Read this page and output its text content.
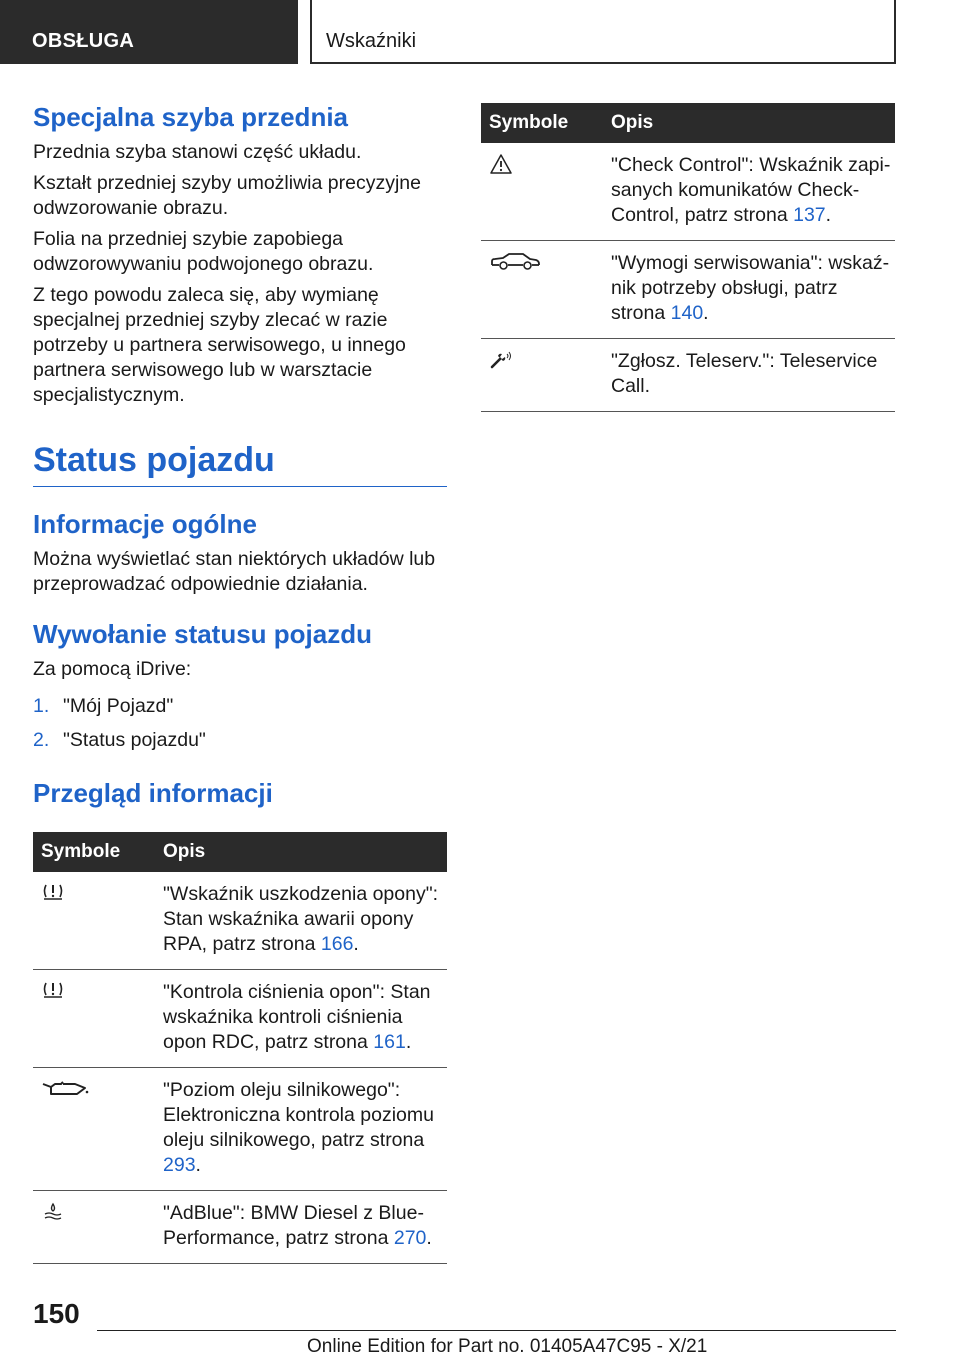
OBSŁUGA	Wskaźniki
Specjalna szyba przednia

Przednia szyba stanowi część układu.

Kształt przedniej szyby umożliwia precyzyjne odwzorowanie obrazu.

Folia na przedniej szybie zapobiega odwzorowywaniu podwojonego obrazu.

Z tego powodu zaleca się, aby wymianę specjalnej przedniej szyby zlecać w razie potrzeby u partnera serwisowego, u innego partnera serwisowego lub w warsztacie specjalistycznym.

Status pojazdu
Informacje ogólne

Można wyświetlać stan niektórych układów lub przeprowadzać odpowiednie działania.

Wywołanie statusu pojazdu

Za pomocą iDrive:

1. "Mój Pojazd"
2. "Status pojazdu"
Przegląd informacji
Symbole	Opis
	"Wskaźnik uszkodzenia opony": Stan wskaźnika awarii opony RPA, patrz strona 166.
	"Kontrola ciśnienia opon": Stan wskaźnika kontroli ciśnienia opon RDC, patrz strona 161.
	"Poziom oleju silnikowego": Elektroniczna kontrola poziomu oleju silnikowego, patrz strona 293.
	"AdBlue": BMW Diesel z BluePerformance, patrz strona 270.
Symbole	Opis
	"Check Control": Wskaźnik zapisanych komunikatów Check-Control, patrz strona 137.
	"Wymogi serwisowania": wskaźnik potrzeby obsługi, patrz strona 140.
	"Zgłosz. Teleserv.": Teleservice Call.
150
Online Edition for Part no. 01405A47C95 - X/21
